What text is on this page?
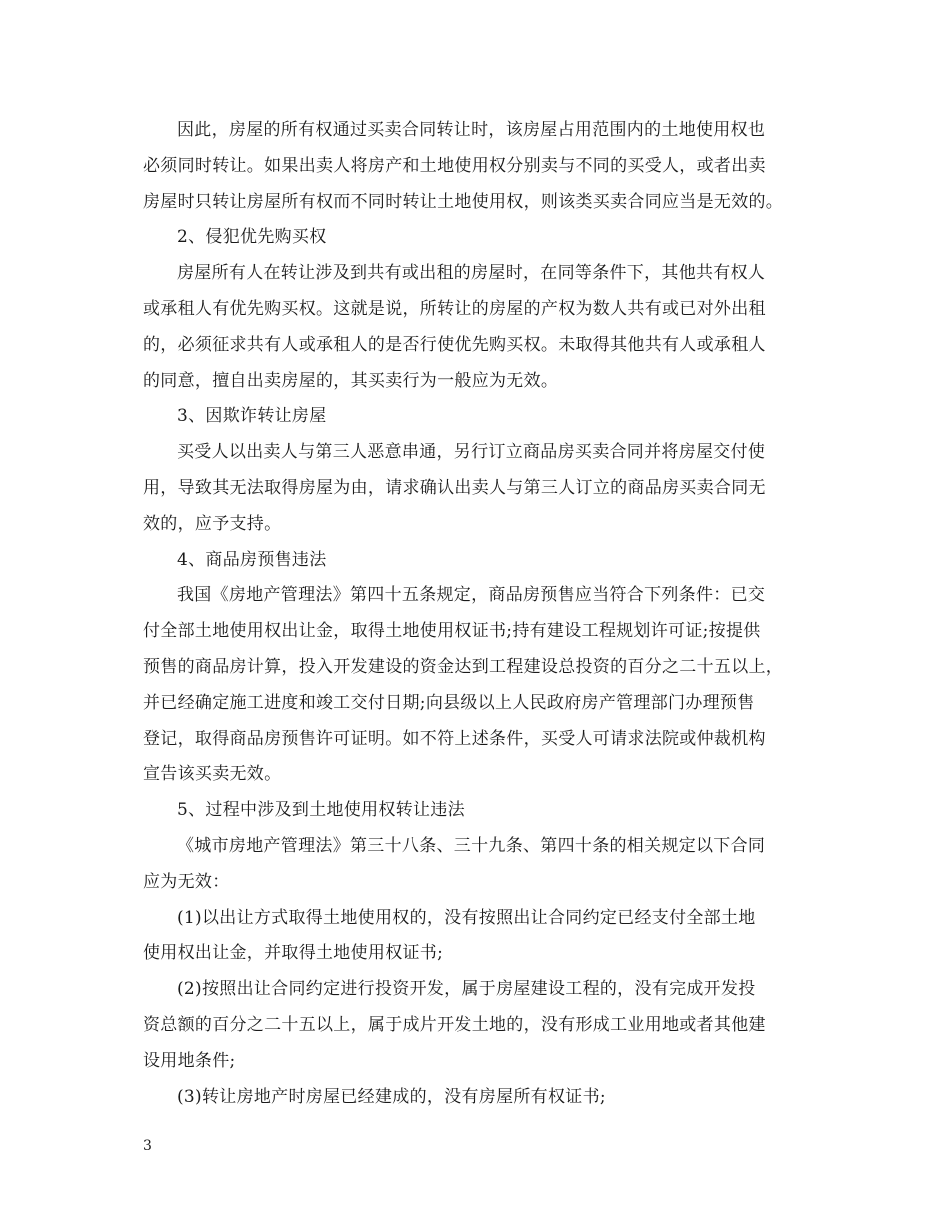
因此，房屋的所有权通过买卖合同转让时，该房屋占用范围内的土地使用权也
必须同时转让。如果出卖人将房产和土地使用权分别卖与不同的买受人，或者出卖
房屋时只转让房屋所有权而不同时转让土地使用权，则该类买卖合同应当是无效的。
2、侵犯优先购买权
房屋所有人在转让涉及到共有或出租的房屋时，在同等条件下，其他共有权人
或承租人有优先购买权。这就是说，所转让的房屋的产权为数人共有或已对外出租
的，必须征求共有人或承租人的是否行使优先购买权。未取得其他共有人或承租人
的同意，擅自出卖房屋的，其买卖行为一般应为无效。
3、因欺诈转让房屋
买受人以出卖人与第三人恶意串通，另行订立商品房买卖合同并将房屋交付使
用，导致其无法取得房屋为由，请求确认出卖人与第三人订立的商品房买卖合同无
效的，应予支持。
4、商品房预售违法
我国《房地产管理法》第四十五条规定，商品房预售应当符合下列条件：已交
付全部土地使用权出让金，取得土地使用权证书;持有建设工程规划许可证;按提供
预售的商品房计算，投入开发建设的资金达到工程建设总投资的百分之二十五以上，
并已经确定施工进度和竣工交付日期;向县级以上人民政府房产管理部门办理预售
登记，取得商品房预售许可证明。如不符上述条件，买受人可请求法院或仲裁机构
宣告该买卖无效。
5、过程中涉及到土地使用权转让违法
《城市房地产管理法》第三十八条、三十九条、第四十条的相关规定以下合同
应为无效：
(1)以出让方式取得土地使用权的，没有按照出让合同约定已经支付全部土地
使用权出让金，并取得土地使用权证书;
(2)按照出让合同约定进行投资开发，属于房屋建设工程的，没有完成开发投
资总额的百分之二十五以上，属于成片开发土地的，没有形成工业用地或者其他建
设用地条件;
(3)转让房地产时房屋已经建成的，没有房屋所有权证书;
3
